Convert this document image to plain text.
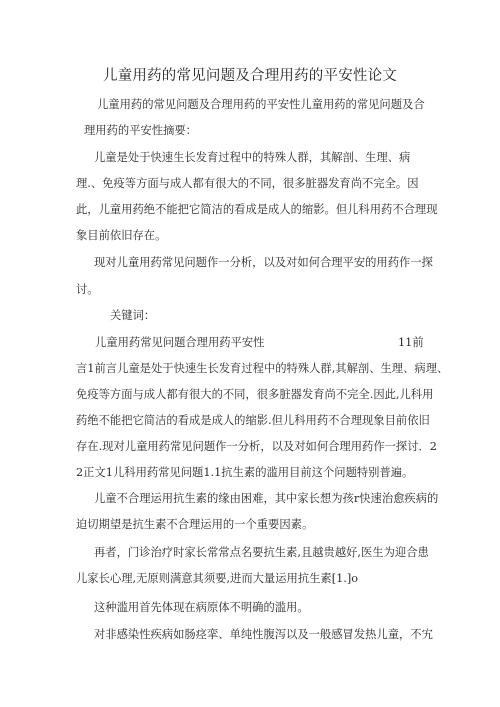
儿童用药的常见问题及合理用药的平安性论文
儿童用药的常见问题及合理用药的平安性儿童用药的常见问题及合
理用药的平安性摘要：
儿童是处于快速生长发育过程中的特殊人群，其解剖、生理、病
理.、免疫等方面与成人都有很大的不同，很多脏器发育尚不完全。因
此，儿童用药绝不能把它简洁的看成是成人的缩影。但儿科用药不合理现
象目前依旧存在。
现对儿童用药常见问题作一分析，以及对如何合理平安的用药作一探
讨。
关键词：
儿童用药常见问题合理用药平安性	11前
言1前言儿童是处于快速生长发育过程中的特殊人群,其解剖、生理、病理、
免疫等方面与成人都有很大的不同，很多脏器发育尚不完全.因此,儿科用
药绝不能把它简洁的看成是成人的缩影.但儿科用药不合理现象目前依旧
存在.现对儿童用药常见问题作一分析，以及对如何合理用药作一探讨．2
2正文1儿科用药常见问题1.1抗生素的滥用目前这个问题特别普遍。
儿童不合理运用抗生素的缘由困难，其中家长想为孩r快速治愈疾病的
迫切期望是抗生素不合理运用的一个重要因素。
再者，门诊治疗时家长常常点名要抗生素,且越贵越好,医生为迎合患
儿家长心理,无原则满意其须要,进而大量运用抗生素[1.]o
这种滥用首先体现在病原体不明确的滥用。
对非感染性疾病如肠痉挛、单纯性腹泻以及一般感冒发热儿童，不宄
